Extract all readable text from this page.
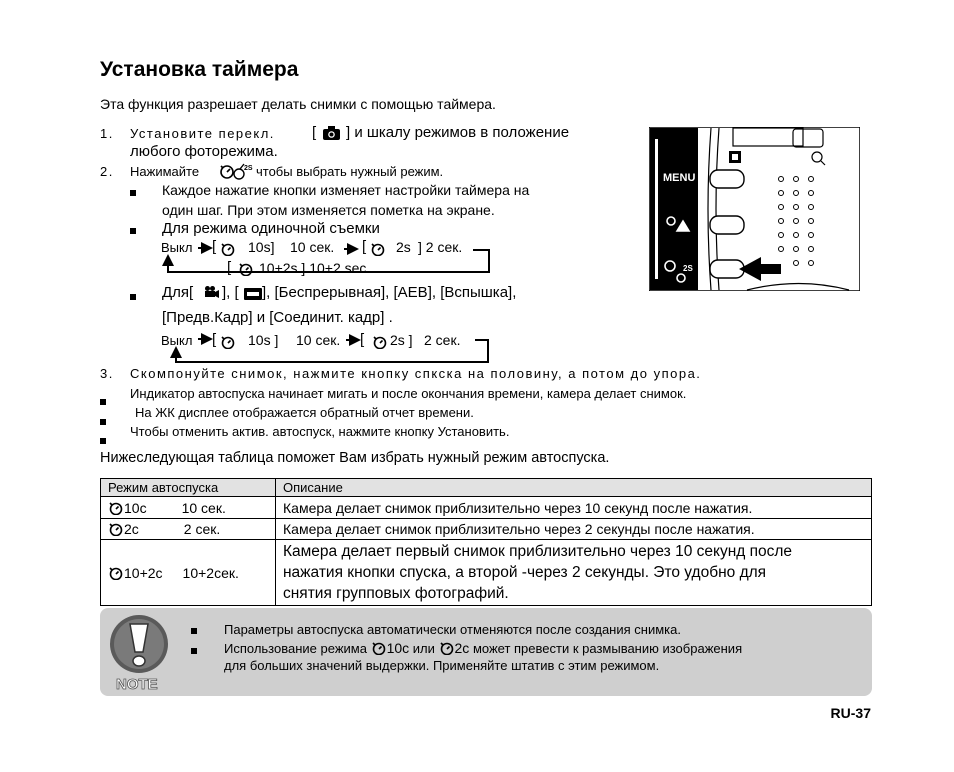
Установка таймера
Эта функция разрешает делать снимки с помощью таймера.
1. Установите перекл. [ ] и шкалу режимов в положение
любого фоторежима.
2. Нажимайте	2S чтобы выбрать нужный режим.
Каждое нажатие кнопки изменяет настройки таймера на
один шаг. При этом изменяется пометка на экране.
Для режима одиночной съемки
Выкл [ 10s] 10 сек. [ 2s ] 2 сек.
[ 10+2s ] 10+2 sec.
Для[ ], [ ], [Беспрерывная], [AEB], [Вспышка],
[Предв.Кадр] и [Соединит. кадр] .
Выкл [ 10s ] 10 сек. [ 2s ] 2 сек.
3. Скомпонуйте снимок, нажмите кнопку спкска на половину, а потом до упора.
Индикатор автоспуска начинает мигать и после окончания времени, камера делает снимок.
На ЖК дисплее отображается обратный отчет времени.
Чтобы отменить актив. автоспуск, нажмите кнопку Установить.
Нижеследующая таблица поможет Вам избрать нужный режим автоспуска.
MENU
2S
Режим автоспуска	Описание

10с 10 сек.	Камера делает снимок приблизительно через 10 секунд после нажатия.

2с 2 сек.	Камера делает снимок приблизительно через 2 секунды после нажатия.

10+2с 10+2сек.	Камера делает первый снимок приблизительно через 10 секунд после
нажатия кнопки спуска, а второй -через 2 секунды. Это удобно для
снятия групповых фотографий.
NOTE
Параметры автоспуска автоматически отменяются после создания снимка.
Использование режима 10с или 2с может превести к размыванию изображения
для больших значений выдержки. Применяйте штатив с этим режимом.
RU-37
